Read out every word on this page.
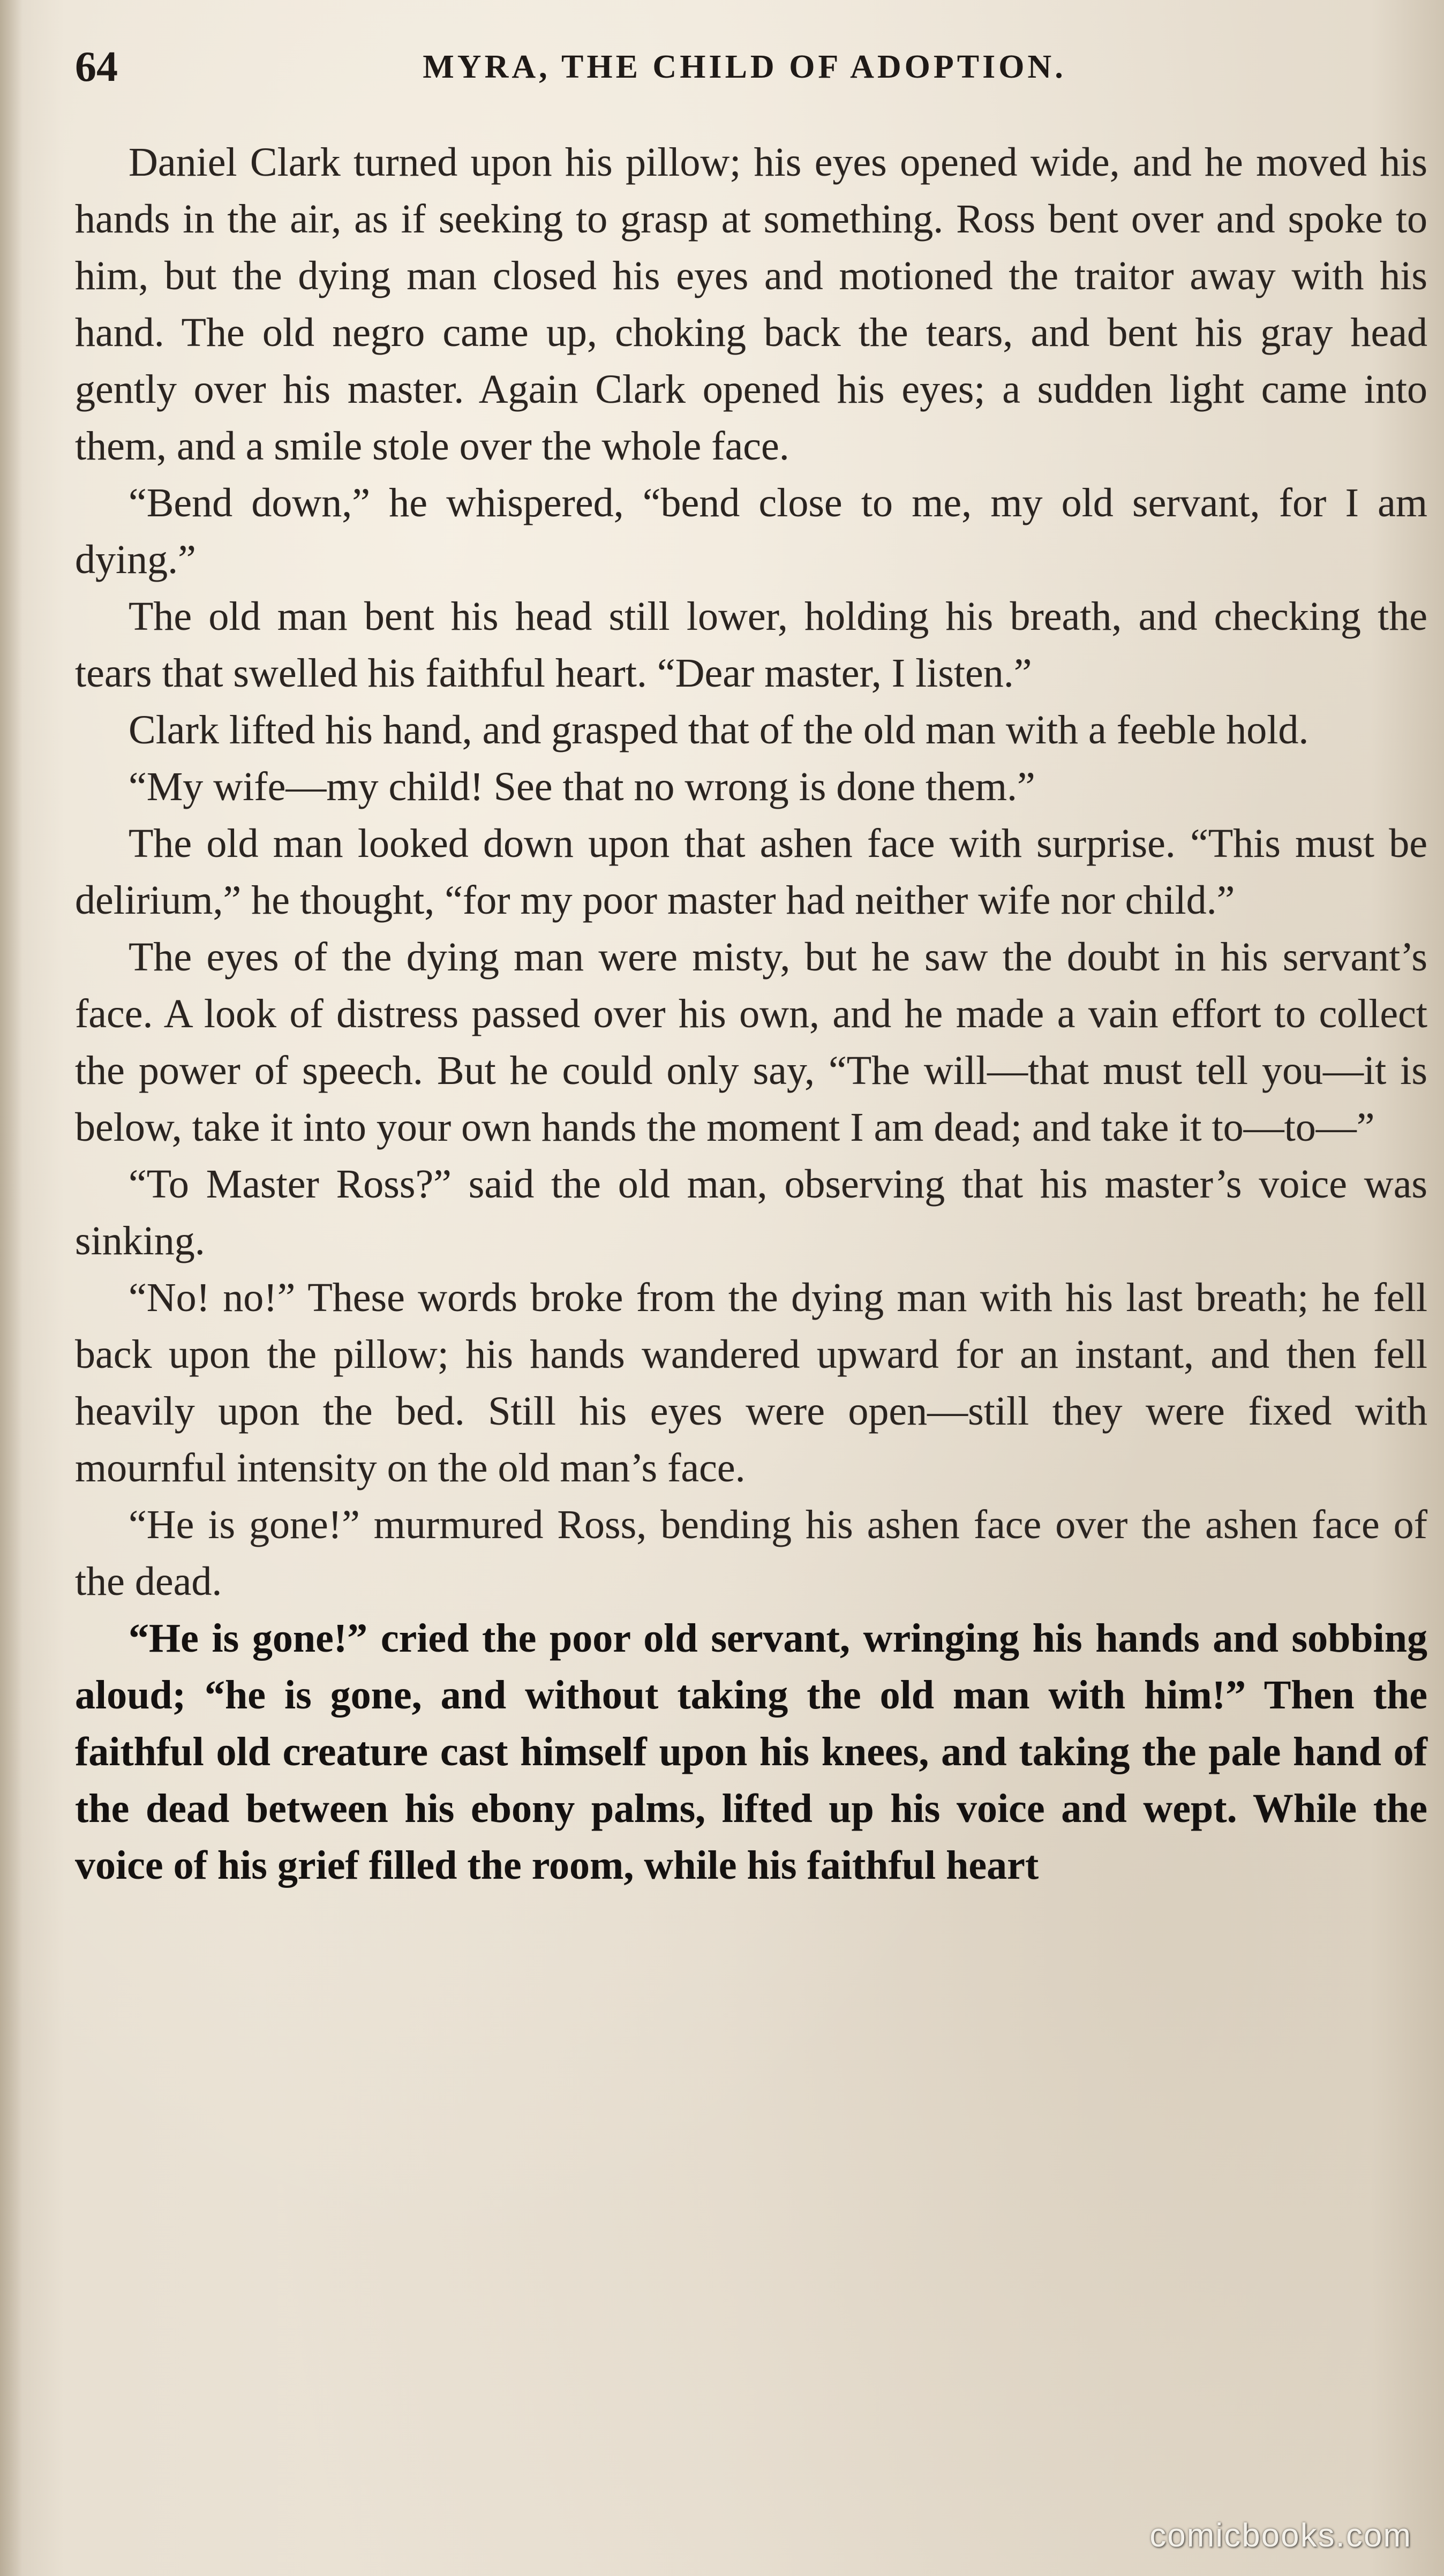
64	MYRA, THE CHILD OF ADOPTION.

Daniel Clark turned upon his pillow; his eyes opened wide, and he moved his hands in the air, as if seeking to grasp at something. Ross bent over and spoke to him, but the dying man closed his eyes and motioned the traitor away with his hand. The old negro came up, choking back the tears, and bent his gray head gently over his master. Again Clark opened his eyes; a sudden light came into them, and a smile stole over the whole face.

“Bend down,” he whispered, “bend close to me, my old servant, for I am dying.”

The old man bent his head still lower, holding his breath, and checking the tears that swelled his faithful heart. “Dear master, I listen.”

Clark lifted his hand, and grasped that of the old man with a feeble hold.

“My wife—my child! See that no wrong is done them.”

The old man looked down upon that ashen face with surprise. “This must be delirium,” he thought, “for my poor master had neither wife nor child.”

The eyes of the dying man were misty, but he saw the doubt in his servant’s face. A look of distress passed over his own, and he made a vain effort to collect the power of speech. But he could only say, “The will—that must tell you—it is below, take it into your own hands the moment I am dead; and take it to—to—”

“To Master Ross?” said the old man, observing that his master’s voice was sinking.

“No! no!” These words broke from the dying man with his last breath; he fell back upon the pillow; his hands wandered upward for an instant, and then fell heavily upon the bed. Still his eyes were open—still they were fixed with mournful intensity on the old man’s face.

“He is gone!” murmured Ross, bending his ashen face over the ashen face of the dead.

“He is gone!” cried the poor old servant, wringing his hands and sobbing aloud; “he is gone, and without taking the old man with him!” Then the faithful old creature cast himself upon his knees, and taking the pale hand of the dead between his ebony palms, lifted up his voice and wept. While the voice of his grief filled the room, while his faithful heart

comicbooks.com
